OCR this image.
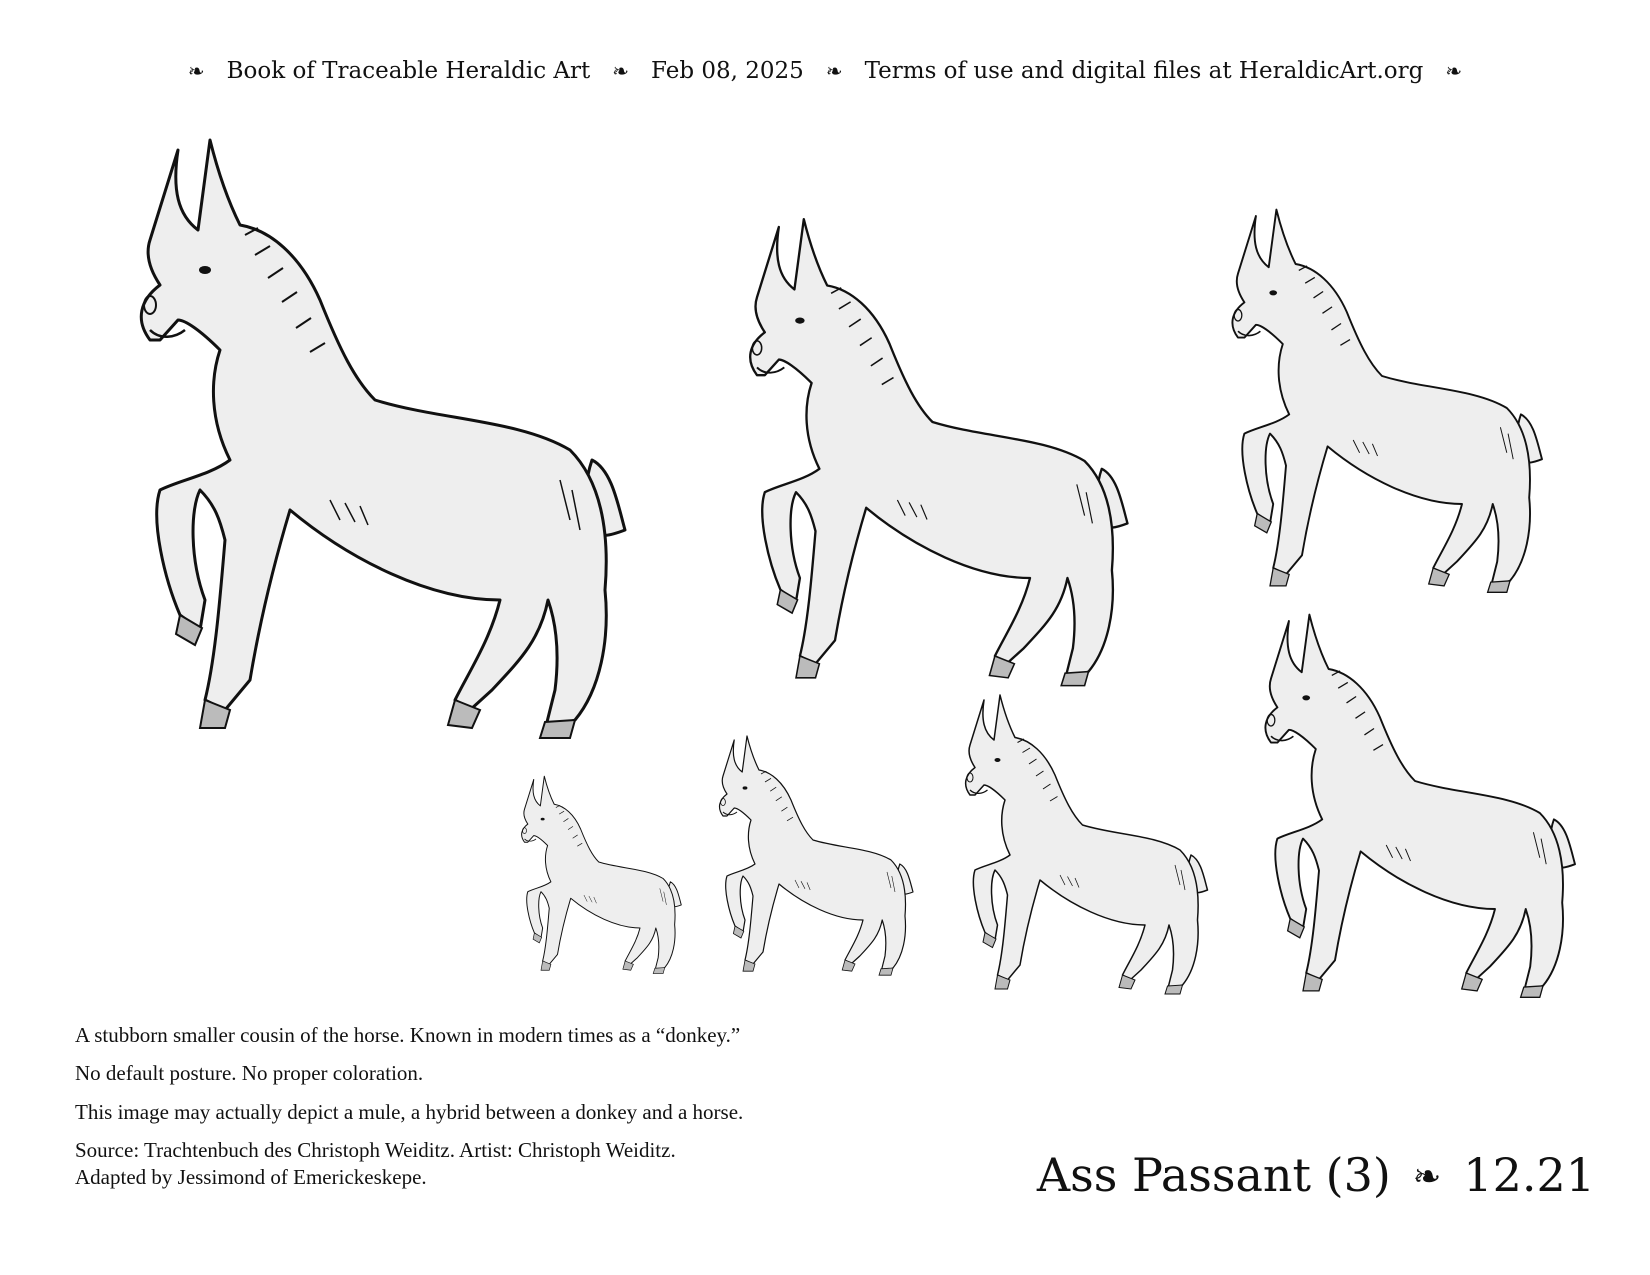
❧ Book of Traceable Heraldic Art ❧ Feb 08, 2025 ❧ Terms of use and digital files at HeraldicArt.org ❧

A stubborn smaller cousin of the horse. Known in modern times as a “donkey.”

No default posture. No proper coloration.

This image may actually depict a mule, a hybrid between a donkey and a horse.

Source: Trachtenbuch des Christoph Weiditz. Artist: Christoph Weiditz.
Adapted by Jessimond of Emerickeskepe.	Ass Passant (3) ❧ 12.21
